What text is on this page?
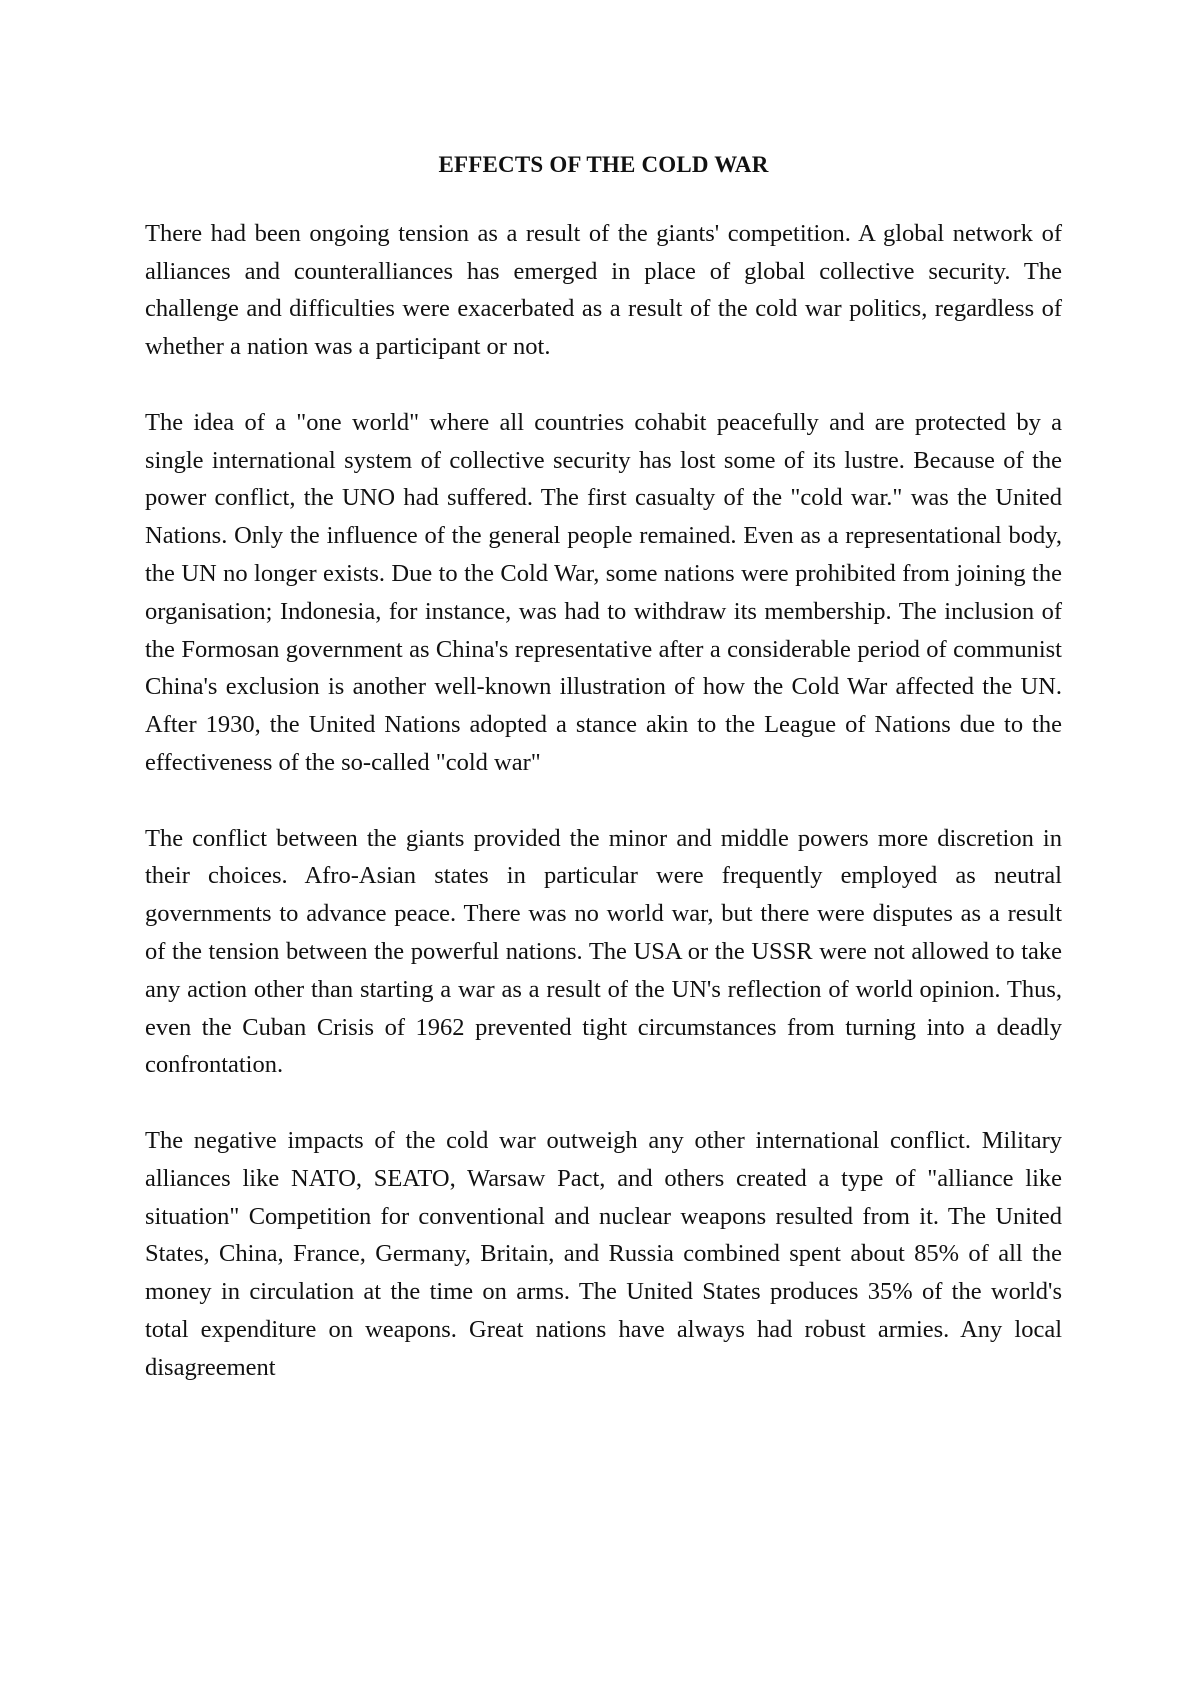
EFFECTS OF THE COLD WAR
There had been ongoing tension as a result of the giants' competition. A global network of alliances and counteralliances has emerged in place of global collective security. The challenge and difficulties were exacerbated as a result of the cold war politics, regardless of whether a nation was a participant or not.
The idea of a "one world" where all countries cohabit peacefully and are protected by a single international system of collective security has lost some of its lustre. Because of the power conflict, the UNO had suffered. The first casualty of the "cold war." was the United Nations. Only the influence of the general people remained. Even as a representational body, the UN no longer exists. Due to the Cold War, some nations were prohibited from joining the organisation; Indonesia, for instance, was had to withdraw its membership. The inclusion of the Formosan government as China's representative after a considerable period of communist China's exclusion is another well-known illustration of how the Cold War affected the UN. After 1930, the United Nations adopted a stance akin to the League of Nations due to the effectiveness of the so-called "cold war"
The conflict between the giants provided the minor and middle powers more discretion in their choices. Afro-Asian states in particular were frequently employed as neutral governments to advance peace. There was no world war, but there were disputes as a result of the tension between the powerful nations. The USA or the USSR were not allowed to take any action other than starting a war as a result of the UN's reflection of world opinion. Thus, even the Cuban Crisis of 1962 prevented tight circumstances from turning into a deadly confrontation.
The negative impacts of the cold war outweigh any other international conflict. Military alliances like NATO, SEATO, Warsaw Pact, and others created a type of "alliance like situation" Competition for conventional and nuclear weapons resulted from it. The United States, China, France, Germany, Britain, and Russia combined spent about 85% of all the money in circulation at the time on arms. The United States produces 35% of the world's total expenditure on weapons. Great nations have always had robust armies. Any local disagreement
